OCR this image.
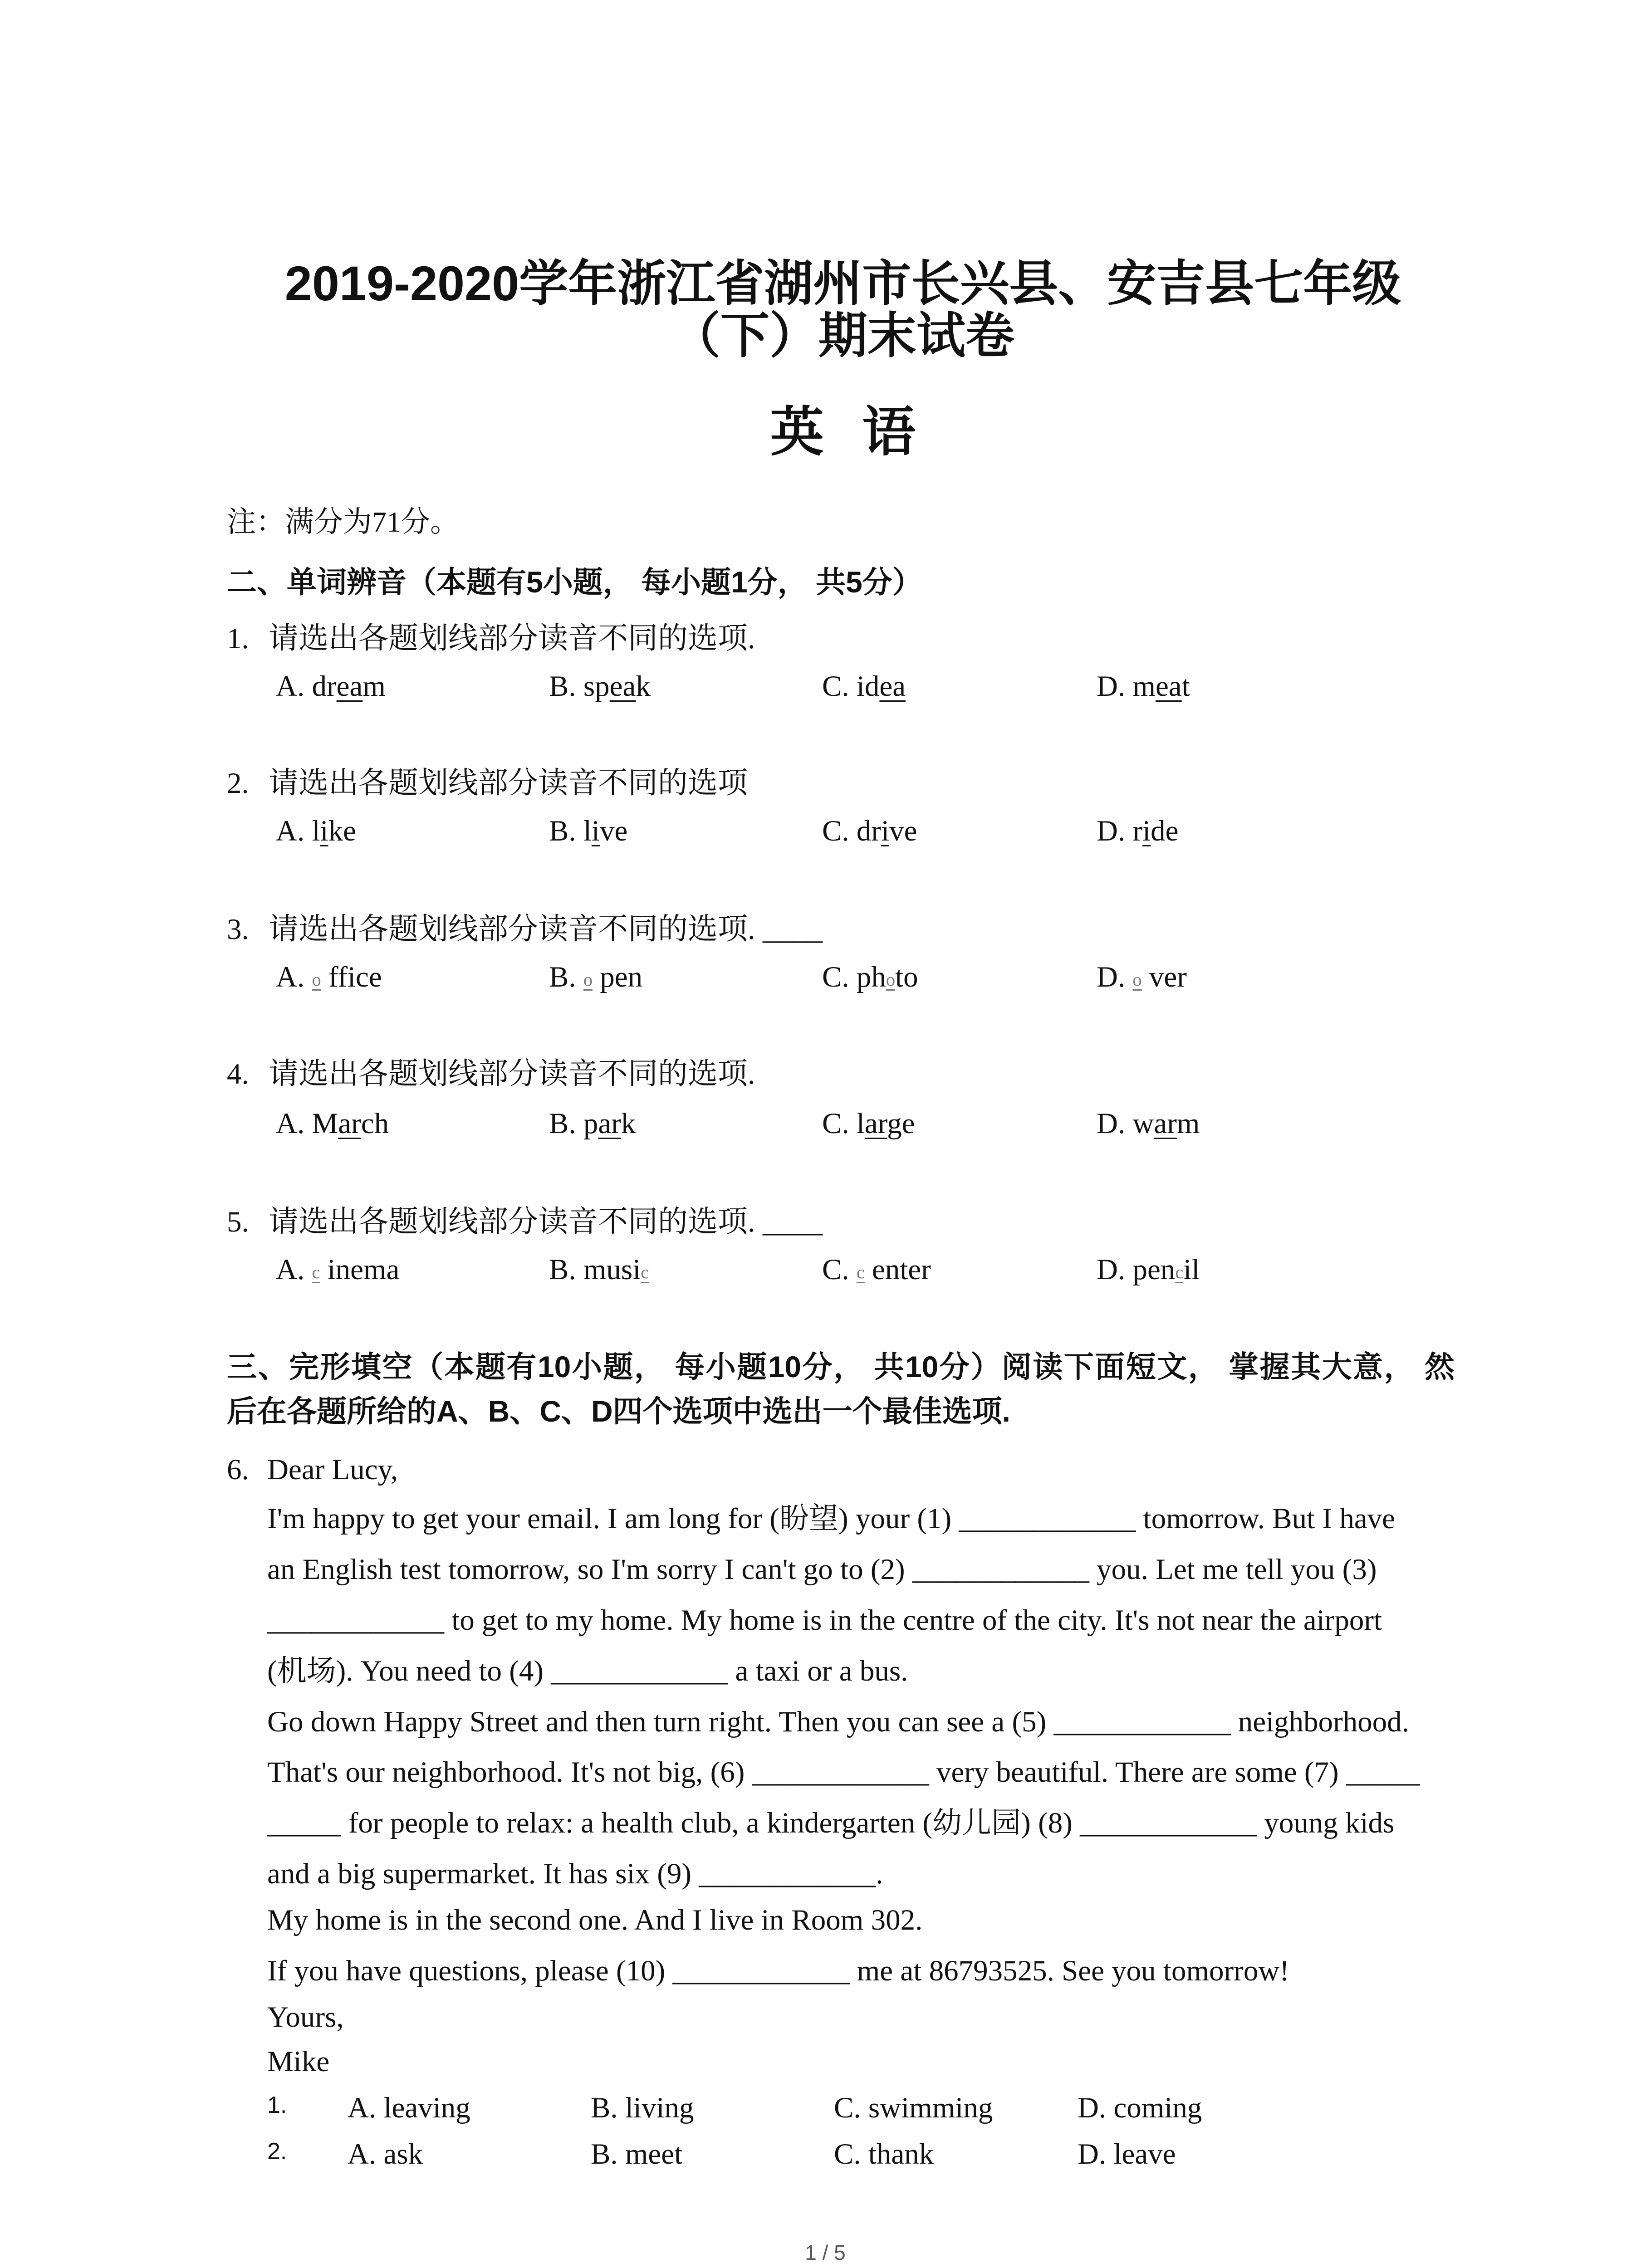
2019-2020学年浙江省湖州市长兴县、安吉县七年级
（下）期末试卷
英 语
注：满分为71分。
二、单词辨音（本题有5小题， 每小题1分， 共5分）
1. 请选出各题划线部分读音不同的选项.
A. dream	B. speak	C. idea	D. meat
2. 请选出各题划线部分读音不同的选项
A. like	B. live	C. drive	D. ride
3. 请选出各题划线部分读音不同的选项. ____
A. o ffice	B. o pen	C. photo	D. o ver
4. 请选出各题划线部分读音不同的选项.
A. March	B. park	C. large	D. warm
5. 请选出各题划线部分读音不同的选项. ____
A. c inema	B. music	C. c enter	D. pencil
三、完形填空（本题有10小题， 每小题10分， 共10分）阅读下面短文， 掌握其大意， 然
后在各题所给的A、B、C、D四个选项中选出一个最佳选项.
6. Dear Lucy,
I'm happy to get your email. I am long for (盼望) your (1) ____________ tomorrow. But I have
an English test tomorrow, so I'm sorry I can't go to (2) ____________ you. Let me tell you (3)
____________ to get to my home. My home is in the centre of the city. It's not near the airport
(机场). You need to (4) ____________ a taxi or a bus.
Go down Happy Street and then turn right. Then you can see a (5) ____________ neighborhood.
That's our neighborhood. It's not big, (6) ____________ very beautiful. There are some (7) _____
_____ for people to relax: a health club, a kindergarten (幼儿园) (8) ____________ young kids
and a big supermarket. It has six (9) ____________.
My home is in the second one. And I live in Room 302.
If you have questions, please (10) ____________ me at 86793525. See you tomorrow!
Yours,
Mike
1. A. leaving	B. living	C. swimming	D. coming
2. A. ask	B. meet	C. thank	D. leave
1 / 5
